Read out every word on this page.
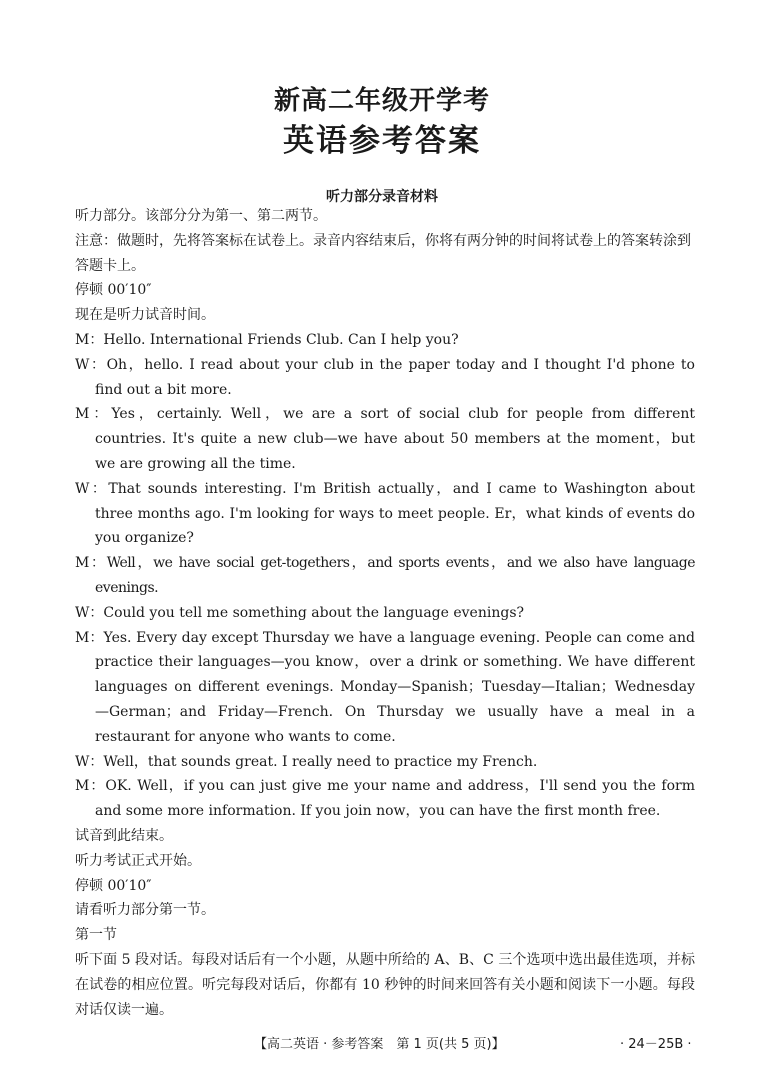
新高二年级开学考
英语参考答案
听力部分录音材料

听力部分。该部分分为第一、第二两节。

注意：做题时，先将答案标在试卷上。录音内容结束后，你将有两分钟的时间将试卷上的答案转涂到答题卡上。

停顿 00′10″

现在是听力试音时间。

M：Hello. International Friends Club. Can I help you?

W：Oh，hello. I read about your club in the paper today and I thought I'd phone to find out a bit more.

M：Yes，certainly. Well，we are a sort of social club for people from different countries. It's quite a new club—we have about 50 members at the moment，but we are growing all the time.

W：That sounds interesting. I'm British actually，and I came to Washington about three months ago. I'm looking for ways to meet people. Er，what kinds of events do you organize?

M：Well，we have social get-togethers，and sports events，and we also have language evenings.

W：Could you tell me something about the language evenings?

M：Yes. Every day except Thursday we have a language evening. People can come and practice their languages—you know，over a drink or something. We have different languages on different evenings. Monday—Spanish；Tuesday—Italian；Wednesday—German；and Friday—French. On Thursday we usually have a meal in a restaurant for anyone who wants to come.

W：Well，that sounds great. I really need to practice my French.

M：OK. Well，if you can just give me your name and address，I'll send you the form and some more information. If you join now，you can have the first month free.

试音到此结束。

听力考试正式开始。

停顿 00′10″

请看听力部分第一节。

第一节

听下面 5 段对话。每段对话后有一个小题，从题中所给的 A、B、C 三个选项中选出最佳选项，并标在试卷的相应位置。听完每段对话后，你都有 10 秒钟的时间来回答有关小题和阅读下一小题。每段对话仅读一遍。

【高二英语 · 参考答案　第 1 页(共 5 页)】	· 24－25B ·
